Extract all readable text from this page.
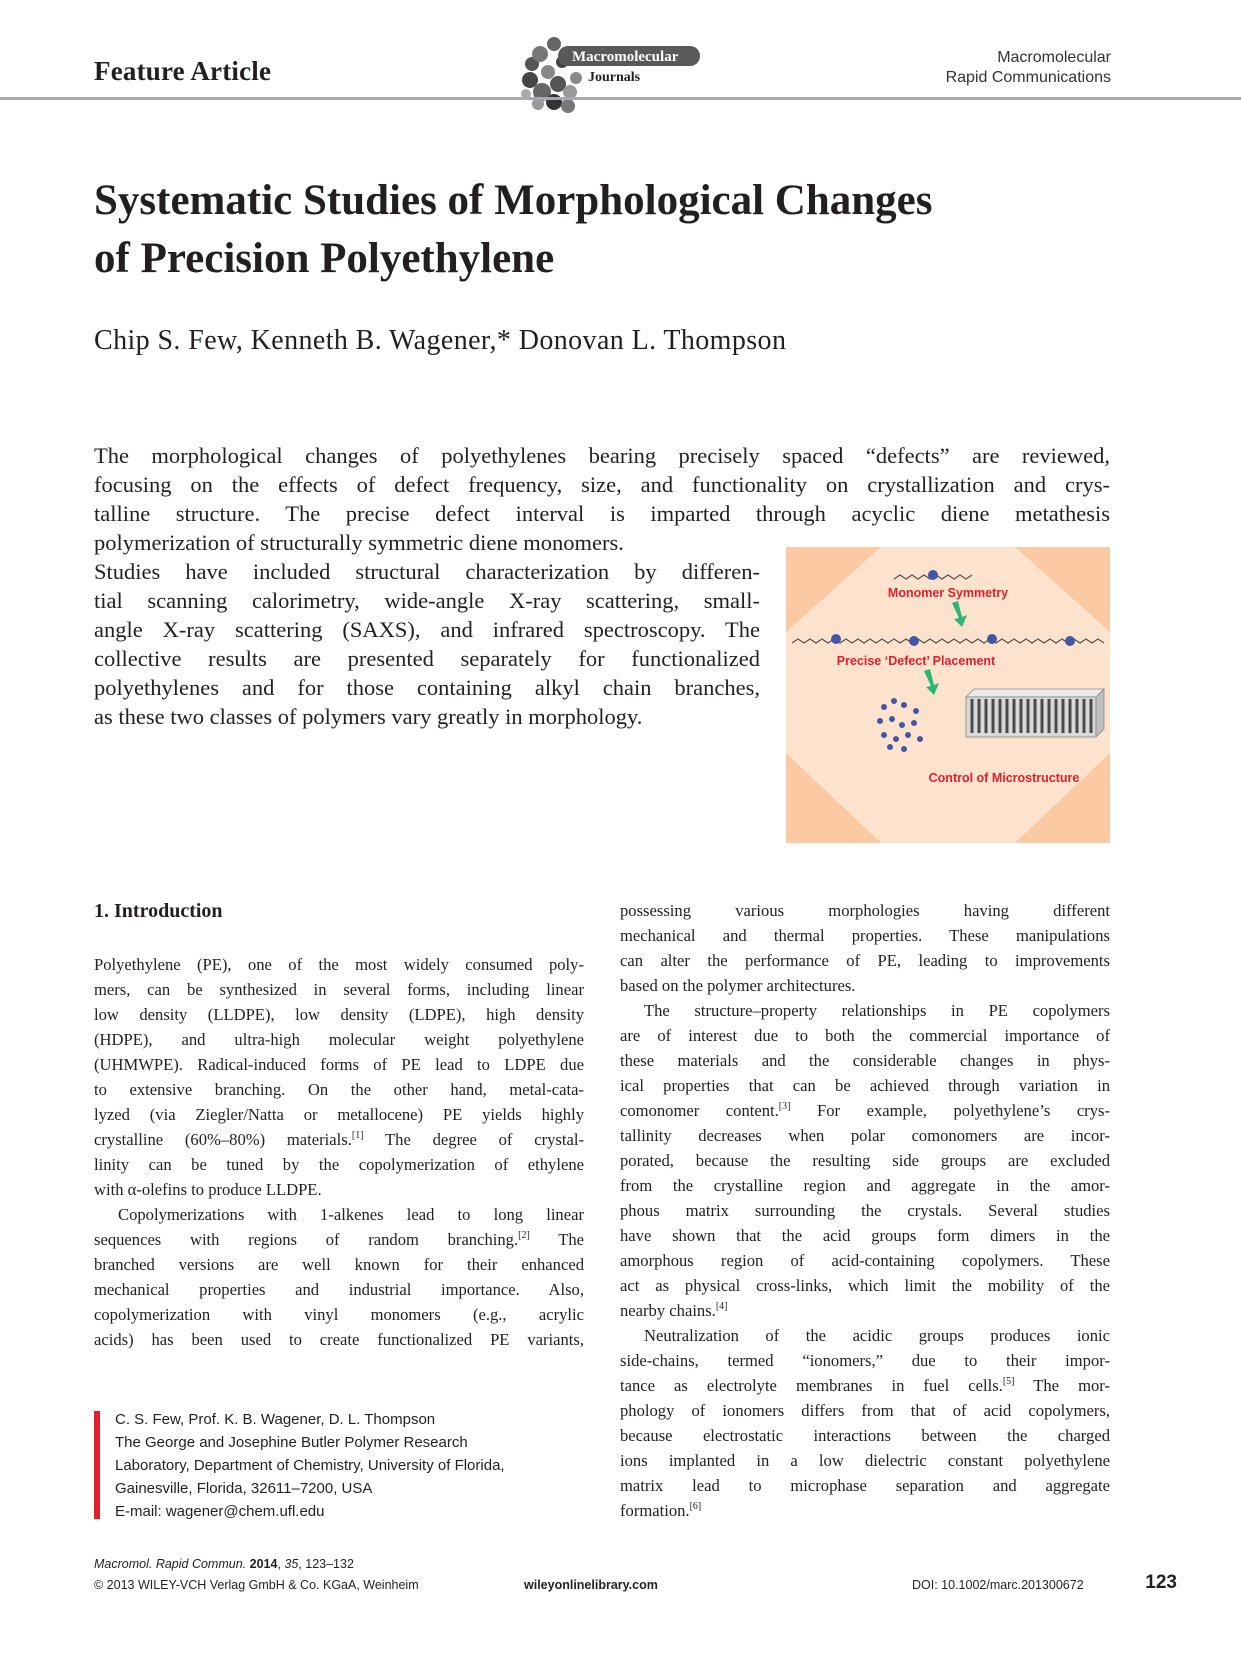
Feature Article	Macromolecular
Journals
Macromolecular
Rapid Communications
Systematic Studies of Morphological Changes
of Precision Polyethylene
Chip S. Few, Kenneth B. Wagener,* Donovan L. Thompson
The morphological changes of polyethylenes bearing precisely spaced “defects” are reviewed,
focusing on the effects of defect frequency, size, and functionality on crystallization and crys-
talline structure. The precise defect interval is imparted through acyclic diene metathesis
polymerization of structurally symmetric diene monomers.
Studies have included structural characterization by differen-
tial scanning calorimetry, wide-angle X-ray scattering, small-
angle X-ray scattering (SAXS), and infrared spectroscopy. The
collective results are presented separately for functionalized
polyethylenes and for those containing alkyl chain branches,
as these two classes of polymers vary greatly in morphology.
Monomer Symmetry
Precise ‘Defect’ Placement
Control of Microstructure
1. Introduction
Polyethylene (PE), one of the most widely consumed poly-
mers, can be synthesized in several forms, including linear
low density (LLDPE), low density (LDPE), high density
(HDPE), and ultra-high molecular weight polyethylene
(UHMWPE). Radical-induced forms of PE lead to LDPE due
to extensive branching. On the other hand, metal-cata-
lyzed (via Ziegler/Natta or metallocene) PE yields highly
crystalline (60%–80%) materials.[1] The degree of crystal-
linity can be tuned by the copolymerization of ethylene
with α-olefins to produce LLDPE.
Copolymerizations with 1-alkenes lead to long linear
sequences with regions of random branching.[2] The
branched versions are well known for their enhanced
mechanical properties and industrial importance. Also,
copolymerization with vinyl monomers (e.g., acrylic
acids) has been used to create functionalized PE variants,
possessing various morphologies having different
mechanical and thermal properties. These manipulations
can alter the performance of PE, leading to improvements
based on the polymer architectures.
The structure–property relationships in PE copolymers
are of interest due to both the commercial importance of
these materials and the considerable changes in phys-
ical properties that can be achieved through variation in
comonomer content.[3] For example, polyethylene’s crys-
tallinity decreases when polar comonomers are incor-
porated, because the resulting side groups are excluded
from the crystalline region and aggregate in the amor-
phous matrix surrounding the crystals. Several studies
have shown that the acid groups form dimers in the
amorphous region of acid-containing copolymers. These
act as physical cross-links, which limit the mobility of the
nearby chains.[4]
Neutralization of the acidic groups produces ionic
side-chains, termed “ionomers,” due to their impor-
tance as electrolyte membranes in fuel cells.[5] The mor-
phology of ionomers differs from that of acid copolymers,
because electrostatic interactions between the charged
ions implanted in a low dielectric constant polyethylene
matrix lead to microphase separation and aggregate
formation.[6]
C. S. Few, Prof. K. B. Wagener, D. L. Thompson
The George and Josephine Butler Polymer Research
Laboratory, Department of Chemistry, University of Florida,
Gainesville, Florida, 32611–7200, USA
E-mail: wagener@chem.ufl.edu
Macromol. Rapid Commun. 2014, 35, 123–132
© 2013 WILEY-VCH Verlag GmbH & Co. KGaA, Weinheim	wileyonlinelibrary.com	DOI: 10.1002/marc.201300672	123
